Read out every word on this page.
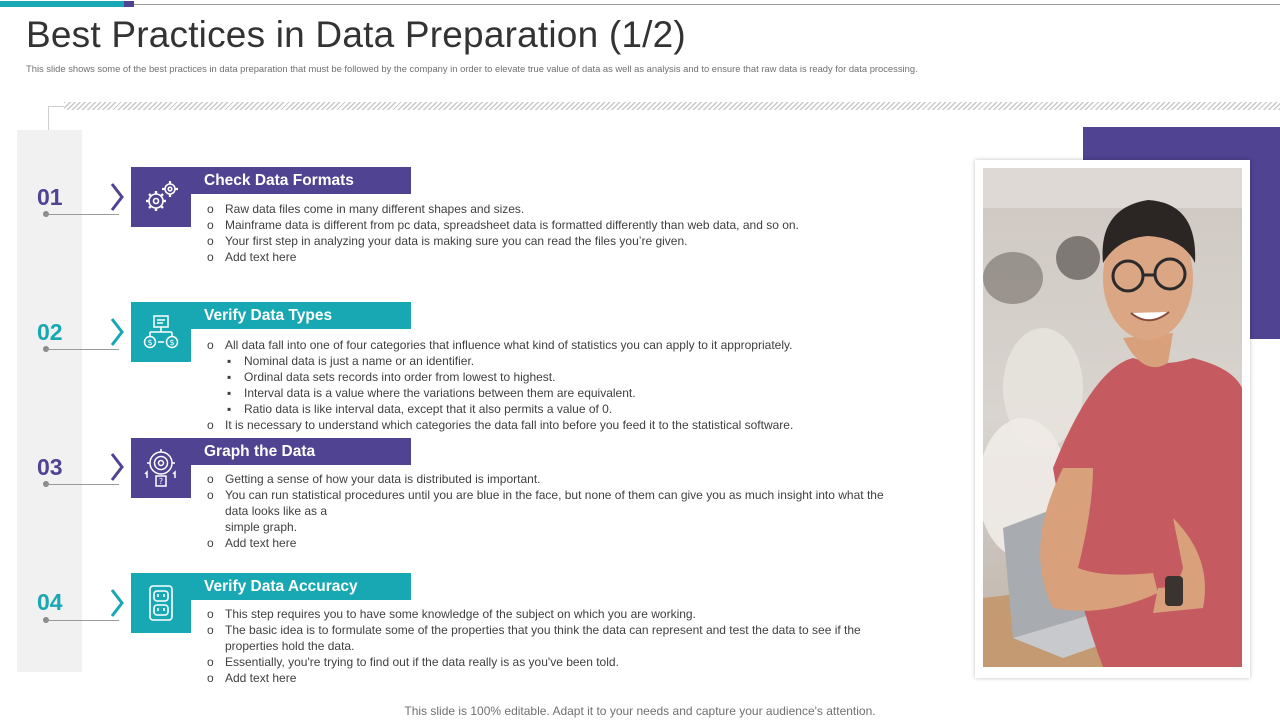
Best Practices in Data Preparation (1/2)
This slide shows some of the best practices in data preparation that must be followed by the company in order to elevate true value of data as well as analysis and to ensure that raw data is ready for data processing.
01
Check Data Formats
o Raw data files come in many different shapes and sizes.
o Mainframe data is different from pc data, spreadsheet data is formatted differently than web data, and so on.
o Your first step in analyzing your data is making sure you can read the files you’re given.
o Add text here
02	$ $
Verify Data Types
o All data fall into one of four categories that influence what kind of statistics you can apply to it appropriately.
▪ Nominal data is just a name or an identifier.
▪ Ordinal data sets records into order from lowest to highest.
▪ Interval data is a value where the variations between them are equivalent.
▪ Ratio data is like interval data, except that it also permits a value of 0.
o It is necessary to understand which categories the data fall into before you feed it to the statistical software.
03
?
Graph the Data
o Getting a sense of how your data is distributed is important.
o You can run statistical procedures until you are blue in the face, but none of them can give you as much insight into what the
data looks like as a
simple graph.
o Add text here
04
Verify Data Accuracy
o This step requires you to have some knowledge of the subject on which you are working.
o The basic idea is to formulate some of the properties that you think the data can represent and test the data to see if the
properties hold the data.
o Essentially, you're trying to find out if the data really is as you've been told.
o Add text here
This slide is 100% editable. Adapt it to your needs and capture your audience's attention.
